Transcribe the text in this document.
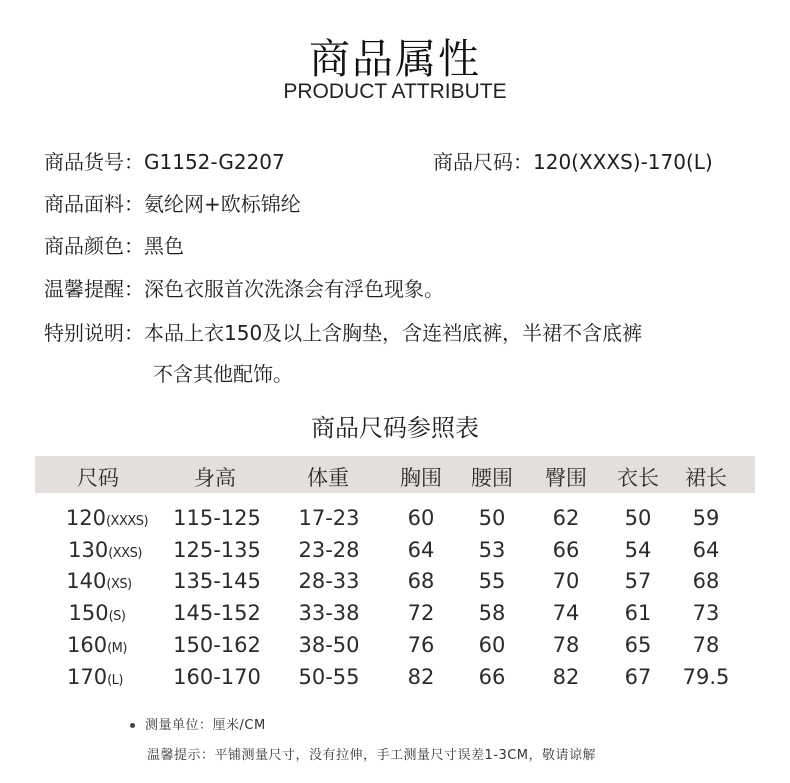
商品属性
PRODUCT ATTRIBUTE
商品货号：G1152-G2207	商品尺码：120(XXXS)-170(L)
商品面料：氨纶网+欧标锦纶
商品颜色：黑色
温馨提醒：深色衣服首次洗涤会有浮色现象。
特别说明：本品上衣150及以上含胸垫，含连裆底裤，半裙不含底裤
不含其他配饰。
商品尺码参照表
尺码	身高	体重 胸围 腰围 臀围 衣长 裙长
120(XXXS) 115-125 17-23 60 50 62 50 59
130(XXS) 125-135 23-28 64 53 66 54 64
140(XS) 135-145 28-33 68 55 70 57 68
150(S) 145-152 33-38 72 58 74 61 73
160(M) 150-162 38-50 76 60 78 65 78
170(L) 160-170 50-55 82 66 82 67 79.5
测量单位：厘米/CM
温馨提示：平铺测量尺寸，没有拉伸，手工测量尺寸误差1-3CM，敬请谅解
